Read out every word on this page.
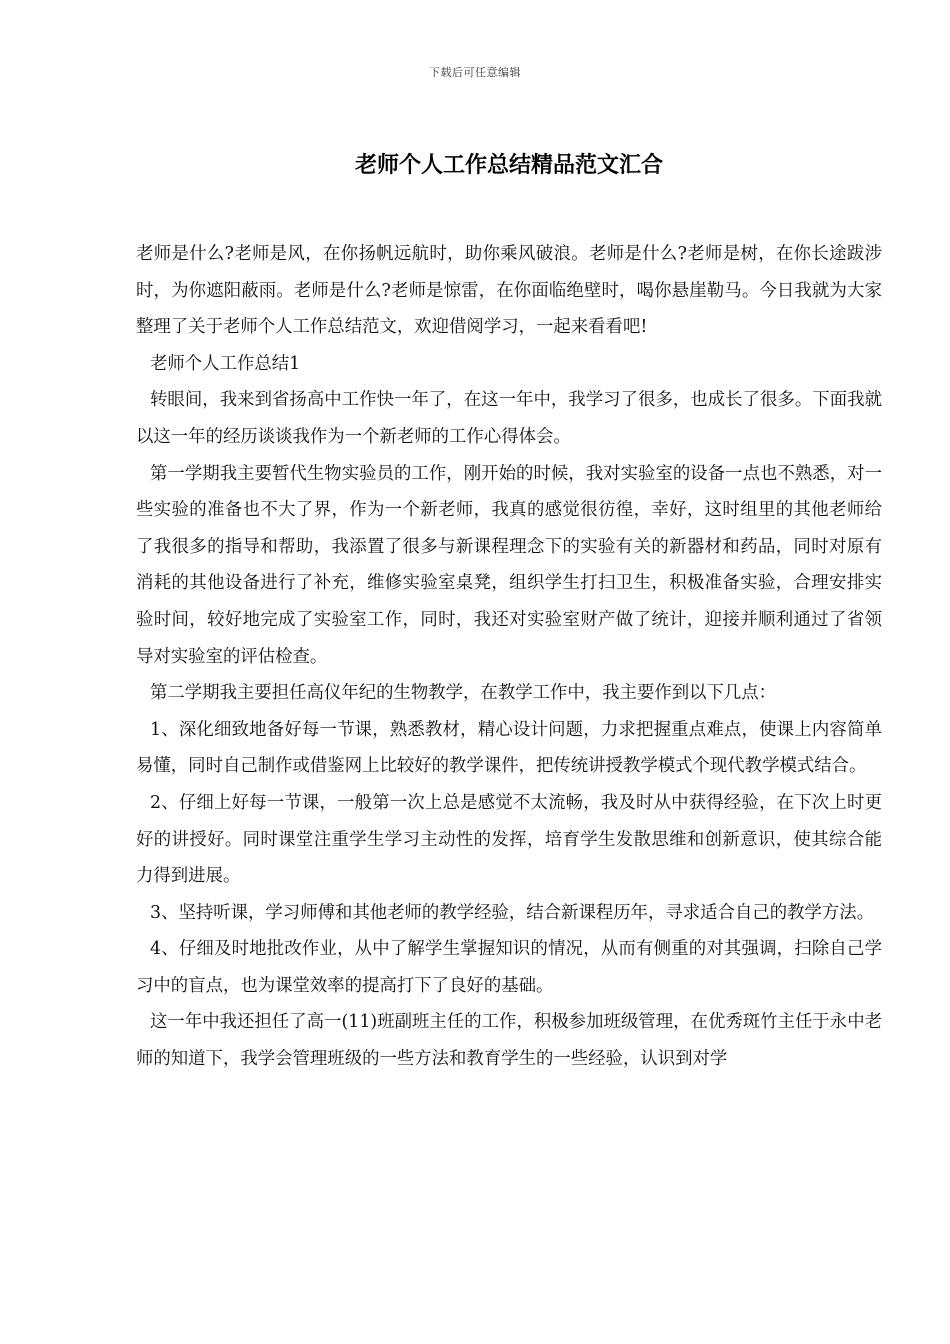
下载后可任意编辑
老师个人工作总结精品范文汇合

老师是什么?老师是风，在你扬帆远航时，助你乘风破浪。老师是什么?老师是树，在你长途跋涉时，为你遮阳蔽雨。老师是什么?老师是惊雷，在你面临绝壁时，喝你悬崖勒马。今日我就为大家整理了关于老师个人工作总结范文，欢迎借阅学习，一起来看看吧!

老师个人工作总结1

转眼间，我来到省扬高中工作快一年了，在这一年中，我学习了很多，也成长了很多。下面我就以这一年的经历谈谈我作为一个新老师的工作心得体会。

第一学期我主要暂代生物实验员的工作，刚开始的时候，我对实验室的设备一点也不熟悉，对一些实验的准备也不大了界，作为一个新老师，我真的感觉很彷徨，幸好，这时组里的其他老师给了我很多的指导和帮助，我添置了很多与新课程理念下的实验有关的新器材和药品，同时对原有消耗的其他设备进行了补充，维修实验室桌凳，组织学生打扫卫生，积极准备实验，合理安排实验时间，较好地完成了实验室工作，同时，我还对实验室财产做了统计，迎接并顺利通过了省领导对实验室的评估检查。

第二学期我主要担任高仪年纪的生物教学，在教学工作中，我主要作到以下几点：

1、深化细致地备好每一节课，熟悉教材，精心设计问题，力求把握重点难点，使课上内容简单易懂，同时自己制作或借鉴网上比较好的教学课件，把传统讲授教学模式个现代教学模式结合。

2、仔细上好每一节课，一般第一次上总是感觉不太流畅，我及时从中获得经验，在下次上时更好的讲授好。同时课堂注重学生学习主动性的发挥，培育学生发散思维和创新意识，使其综合能力得到进展。

3、坚持听课，学习师傅和其他老师的教学经验，结合新课程历年，寻求适合自己的教学方法。

4、仔细及时地批改作业，从中了解学生掌握知识的情况，从而有侧重的对其强调，扫除自己学习中的盲点，也为课堂效率的提高打下了良好的基础。

这一年中我还担任了高一(11)班副班主任的工作，积极参加班级管理，在优秀斑竹主任于永中老师的知道下，我学会管理班级的一些方法和教育学生的一些经验，认识到对学
